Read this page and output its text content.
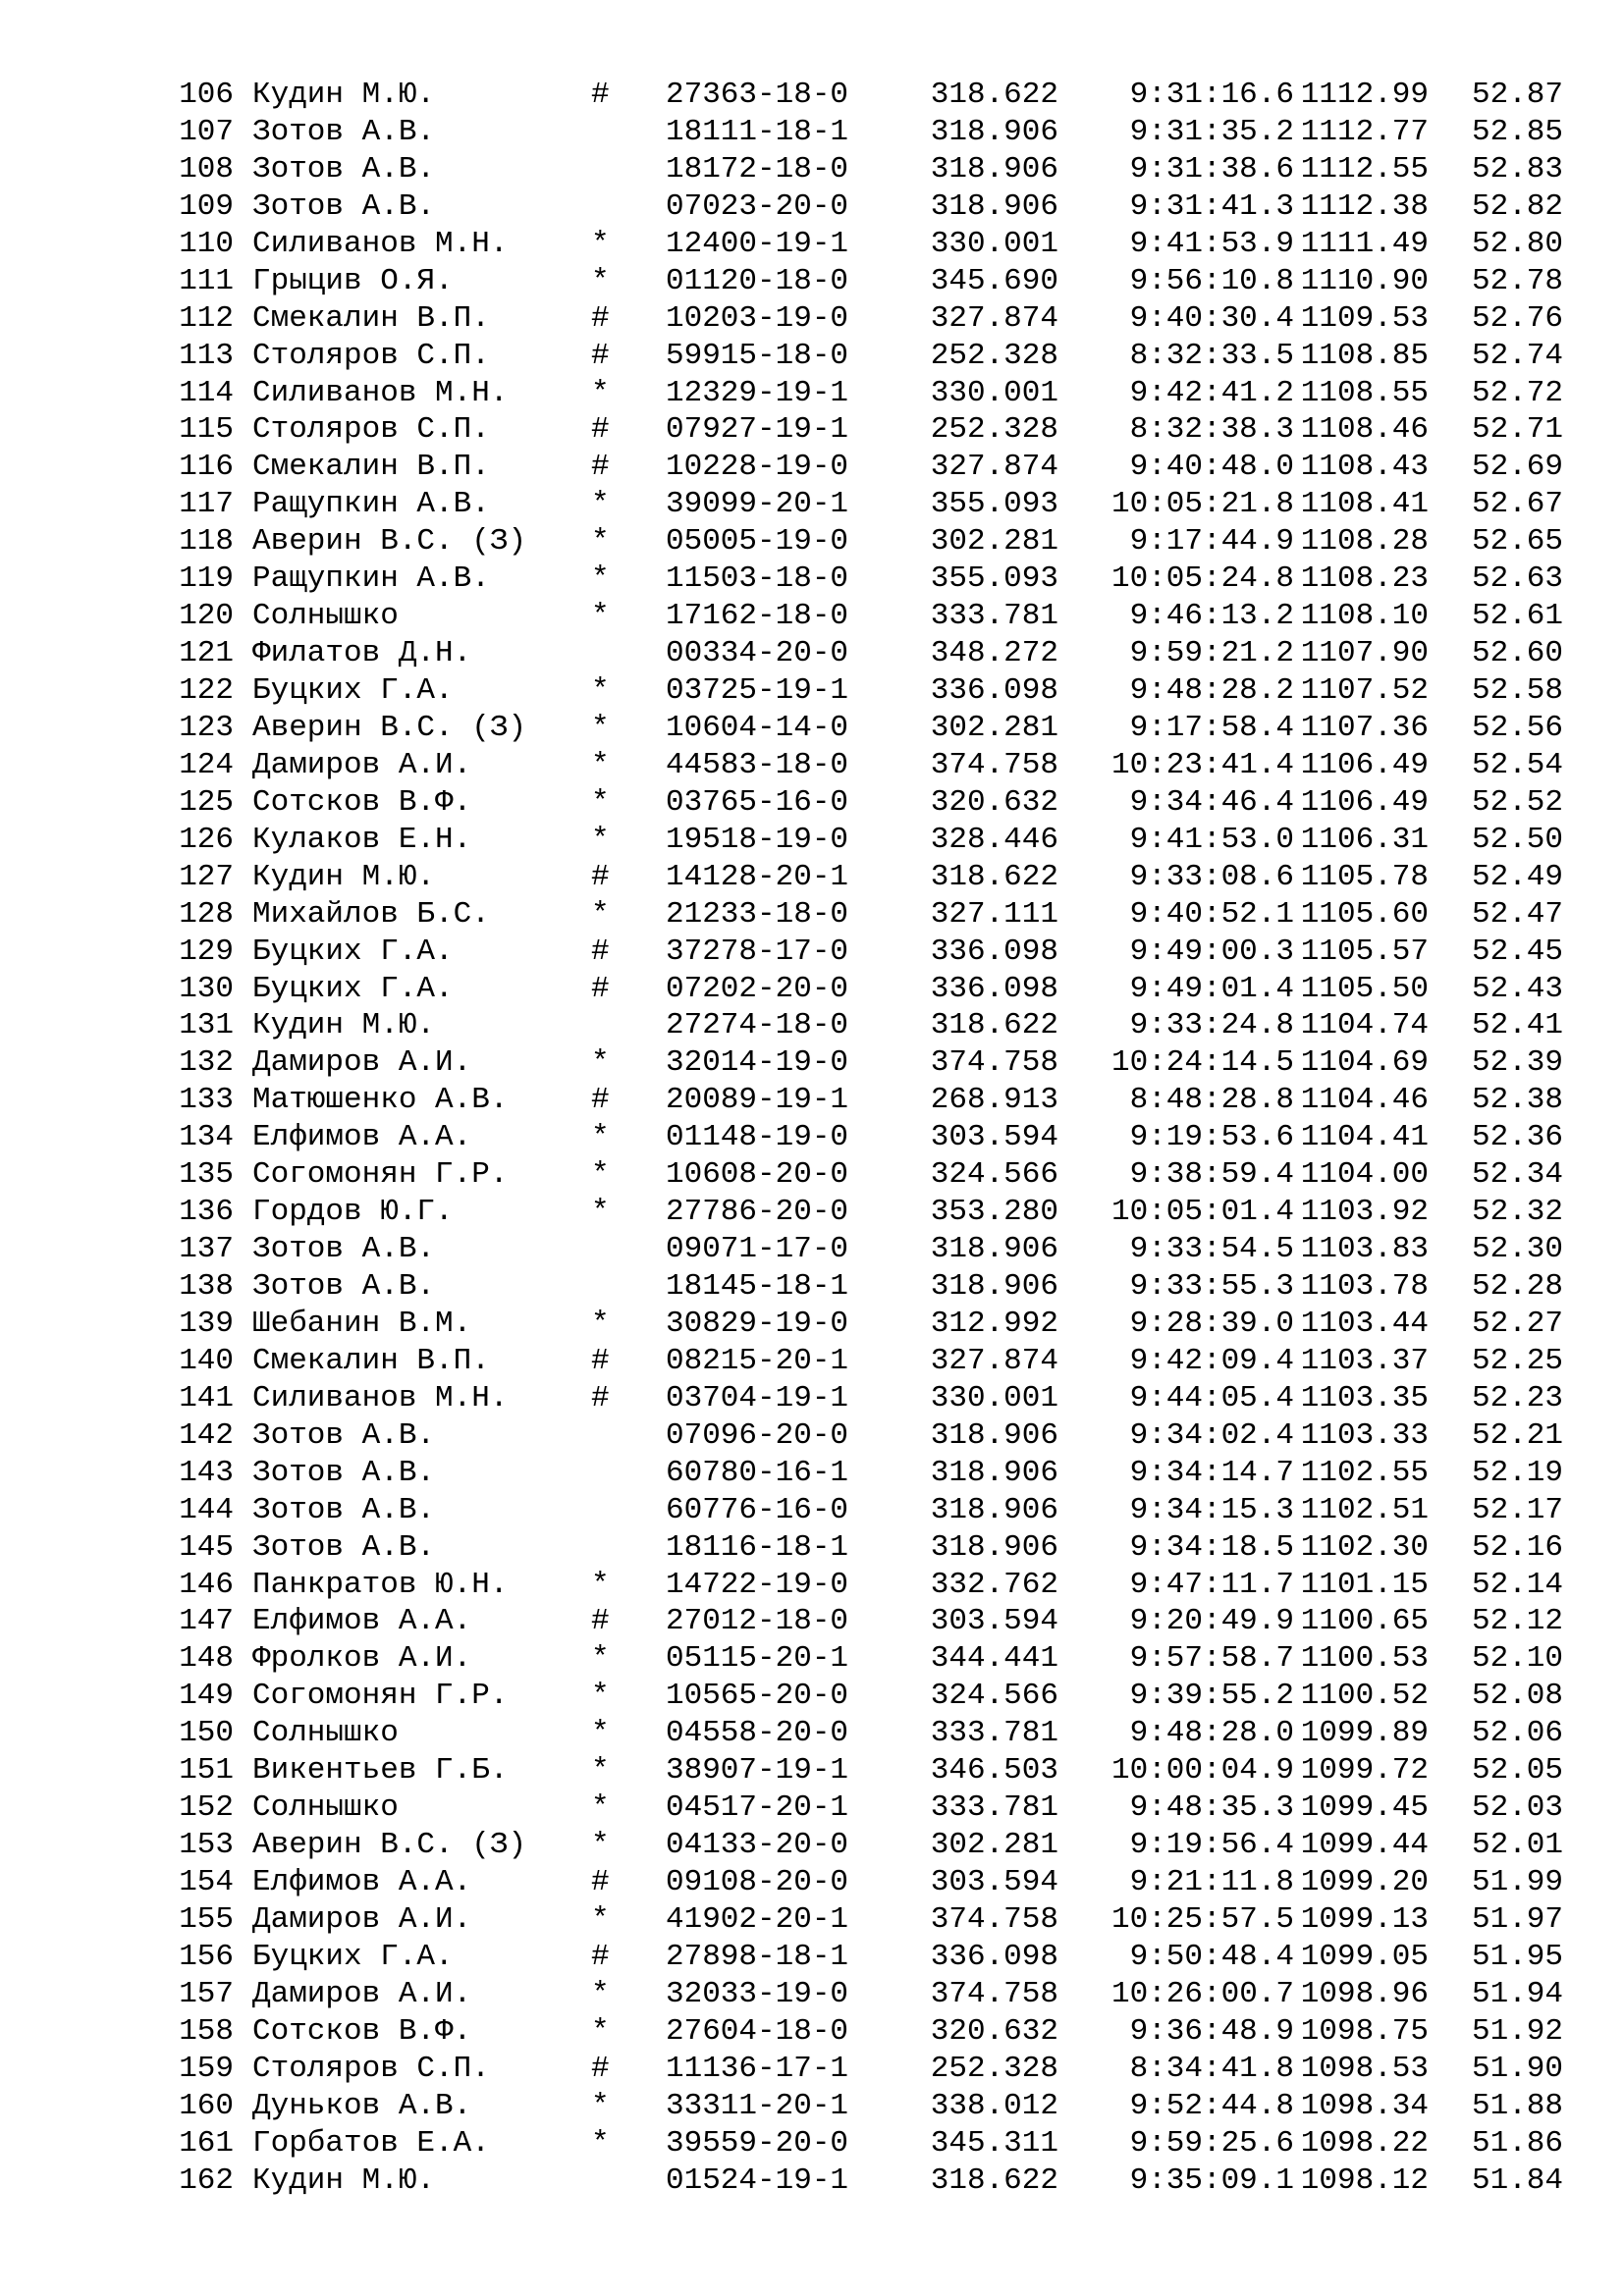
106 Кудин М.Ю.	# 27363-18-0	318.622	9:31:16.6 1112.99	52.87
107 Зотов А.В.	18111-18-1	318.906	9:31:35.2 1112.77	52.85
108 Зотов А.В.	18172-18-0	318.906	9:31:38.6 1112.55	52.83
109 Зотов А.В.	07023-20-0	318.906	9:31:41.3 1112.38	52.82
110 Силиванов М.Н.	* 12400-19-1	330.001	9:41:53.9 1111.49	52.80
111 Грыцив О.Я.	* 01120-18-0	345.690	9:56:10.8 1110.90	52.78
112 Смекалин В.П.	# 10203-19-0	327.874	9:40:30.4 1109.53	52.76
113 Столяров С.П.	# 59915-18-0	252.328	8:32:33.5 1108.85	52.74
114 Силиванов М.Н.	* 12329-19-1	330.001	9:42:41.2 1108.55	52.72
115 Столяров С.П.	# 07927-19-1	252.328	8:32:38.3 1108.46	52.71
116 Смекалин В.П.	# 10228-19-0	327.874	9:40:48.0 1108.43	52.69
117 Ращупкин А.В.	* 39099-20-1	355.093	10:05:21.8 1108.41	52.67
118 Аверин В.С. (З) * 05005-19-0	302.281	9:17:44.9 1108.28	52.65
119 Ращупкин А.В.	* 11503-18-0	355.093	10:05:24.8 1108.23	52.63
120 Солнышко	* 17162-18-0	333.781	9:46:13.2 1108.10	52.61
121 Филатов Д.Н.	00334-20-0	348.272	9:59:21.2 1107.90	52.60
122 Буцких Г.А.	* 03725-19-1	336.098	9:48:28.2 1107.52	52.58
123 Аверин В.С. (З) * 10604-14-0	302.281	9:17:58.4 1107.36	52.56
124 Дамиров А.И.	* 44583-18-0	374.758	10:23:41.4 1106.49	52.54
125 Сотсков В.Ф.	* 03765-16-0	320.632	9:34:46.4 1106.49	52.52
126 Кулаков Е.Н.	* 19518-19-0	328.446	9:41:53.0 1106.31	52.50
127 Кудин М.Ю.	# 14128-20-1	318.622	9:33:08.6 1105.78	52.49
128 Михайлов Б.С.	* 21233-18-0	327.111	9:40:52.1 1105.60	52.47
129 Буцких Г.А.	# 37278-17-0	336.098	9:49:00.3 1105.57	52.45
130 Буцких Г.А.	# 07202-20-0	336.098	9:49:01.4 1105.50	52.43
131 Кудин М.Ю.	27274-18-0	318.622	9:33:24.8 1104.74	52.41
132 Дамиров А.И.	* 32014-19-0	374.758	10:24:14.5 1104.69	52.39
133 Матюшенко А.В.	# 20089-19-1	268.913	8:48:28.8 1104.46	52.38
134 Елфимов А.А.	* 01148-19-0	303.594	9:19:53.6 1104.41	52.36
135 Согомонян Г.Р.	* 10608-20-0	324.566	9:38:59.4 1104.00	52.34
136 Гордов Ю.Г.	* 27786-20-0	353.280	10:05:01.4 1103.92	52.32
137 Зотов А.В.	09071-17-0	318.906	9:33:54.5 1103.83	52.30
138 Зотов А.В.	18145-18-1	318.906	9:33:55.3 1103.78	52.28
139 Шебанин В.М.	* 30829-19-0	312.992	9:28:39.0 1103.44	52.27
140 Смекалин В.П.	# 08215-20-1	327.874	9:42:09.4 1103.37	52.25
141 Силиванов М.Н.	# 03704-19-1	330.001	9:44:05.4 1103.35	52.23
142 Зотов А.В.	07096-20-0	318.906	9:34:02.4 1103.33	52.21
143 Зотов А.В.	60780-16-1	318.906	9:34:14.7 1102.55	52.19
144 Зотов А.В.	60776-16-0	318.906	9:34:15.3 1102.51	52.17
145 Зотов А.В.	18116-18-1	318.906	9:34:18.5 1102.30	52.16
146 Панкратов Ю.Н.	* 14722-19-0	332.762	9:47:11.7 1101.15	52.14
147 Елфимов А.А.	# 27012-18-0	303.594	9:20:49.9 1100.65	52.12
148 Фролков А.И.	* 05115-20-1	344.441	9:57:58.7 1100.53	52.10
149 Согомонян Г.Р.	* 10565-20-0	324.566	9:39:55.2 1100.52	52.08
150 Солнышко	* 04558-20-0	333.781	9:48:28.0 1099.89	52.06
151 Викентьев Г.Б.	* 38907-19-1	346.503	10:00:04.9 1099.72	52.05
152 Солнышко	* 04517-20-1	333.781	9:48:35.3 1099.45	52.03
153 Аверин В.С. (З) * 04133-20-0	302.281	9:19:56.4 1099.44	52.01
154 Елфимов А.А.	# 09108-20-0	303.594	9:21:11.8 1099.20	51.99
155 Дамиров А.И.	* 41902-20-1	374.758	10:25:57.5 1099.13	51.97
156 Буцких Г.А.	# 27898-18-1	336.098	9:50:48.4 1099.05	51.95
157 Дамиров А.И.	* 32033-19-0	374.758	10:26:00.7 1098.96	51.94
158 Сотсков В.Ф.	* 27604-18-0	320.632	9:36:48.9 1098.75	51.92
159 Столяров С.П.	# 11136-17-1	252.328	8:34:41.8 1098.53	51.90
160 Дуньков А.В.	* 33311-20-1	338.012	9:52:44.8 1098.34	51.88
161 Горбатов Е.А.	* 39559-20-0	345.311	9:59:25.6 1098.22	51.86
162 Кудин М.Ю.	01524-19-1	318.622	9:35:09.1 1098.12	51.84
